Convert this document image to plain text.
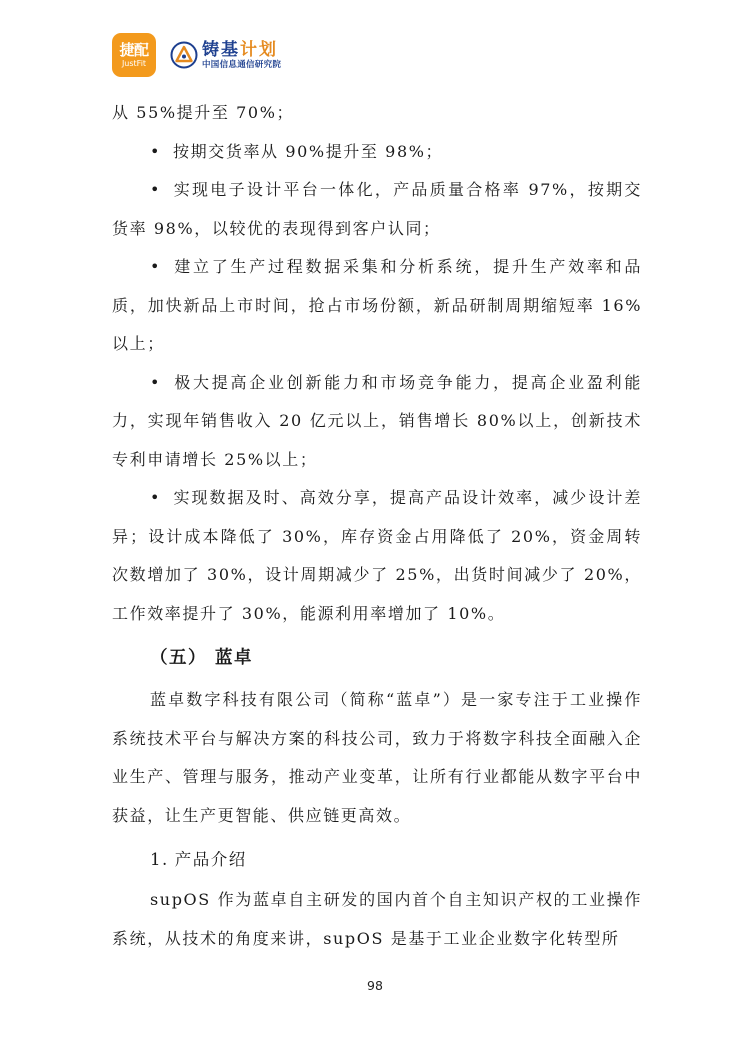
捷配
JustFit
铸基计划
中国信息通信研究院

从 55%提升至 70%；

• 按期交货率从 90%提升至 98%；

• 实现电子设计平台一体化，产品质量合格率 97%，按期交货率 98%，以较优的表现得到客户认同；

• 建立了生产过程数据采集和分析系统，提升生产效率和品质，加快新品上市时间，抢占市场份额，新品研制周期缩短率 16%以上；

• 极大提高企业创新能力和市场竞争能力，提高企业盈利能力，实现年销售收入 20 亿元以上，销售增长 80%以上，创新技术专利申请增长 25%以上；

• 实现数据及时、高效分享，提高产品设计效率，减少设计差异；设计成本降低了 30%，库存资金占用降低了 20%，资金周转次数增加了 30%，设计周期减少了 25%，出货时间减少了 20%，工作效率提升了 30%，能源利用率增加了 10%。

（五） 蓝卓

蓝卓数字科技有限公司（简称“蓝卓”）是一家专注于工业操作系统技术平台与解决方案的科技公司，致力于将数字科技全面融入企业生产、管理与服务，推动产业变革，让所有行业都能从数字平台中获益，让生产更智能、供应链更高效。

1. 产品介绍

supOS 作为蓝卓自主研发的国内首个自主知识产权的工业操作系统，从技术的角度来讲，supOS 是基于工业企业数字化转型所

98
